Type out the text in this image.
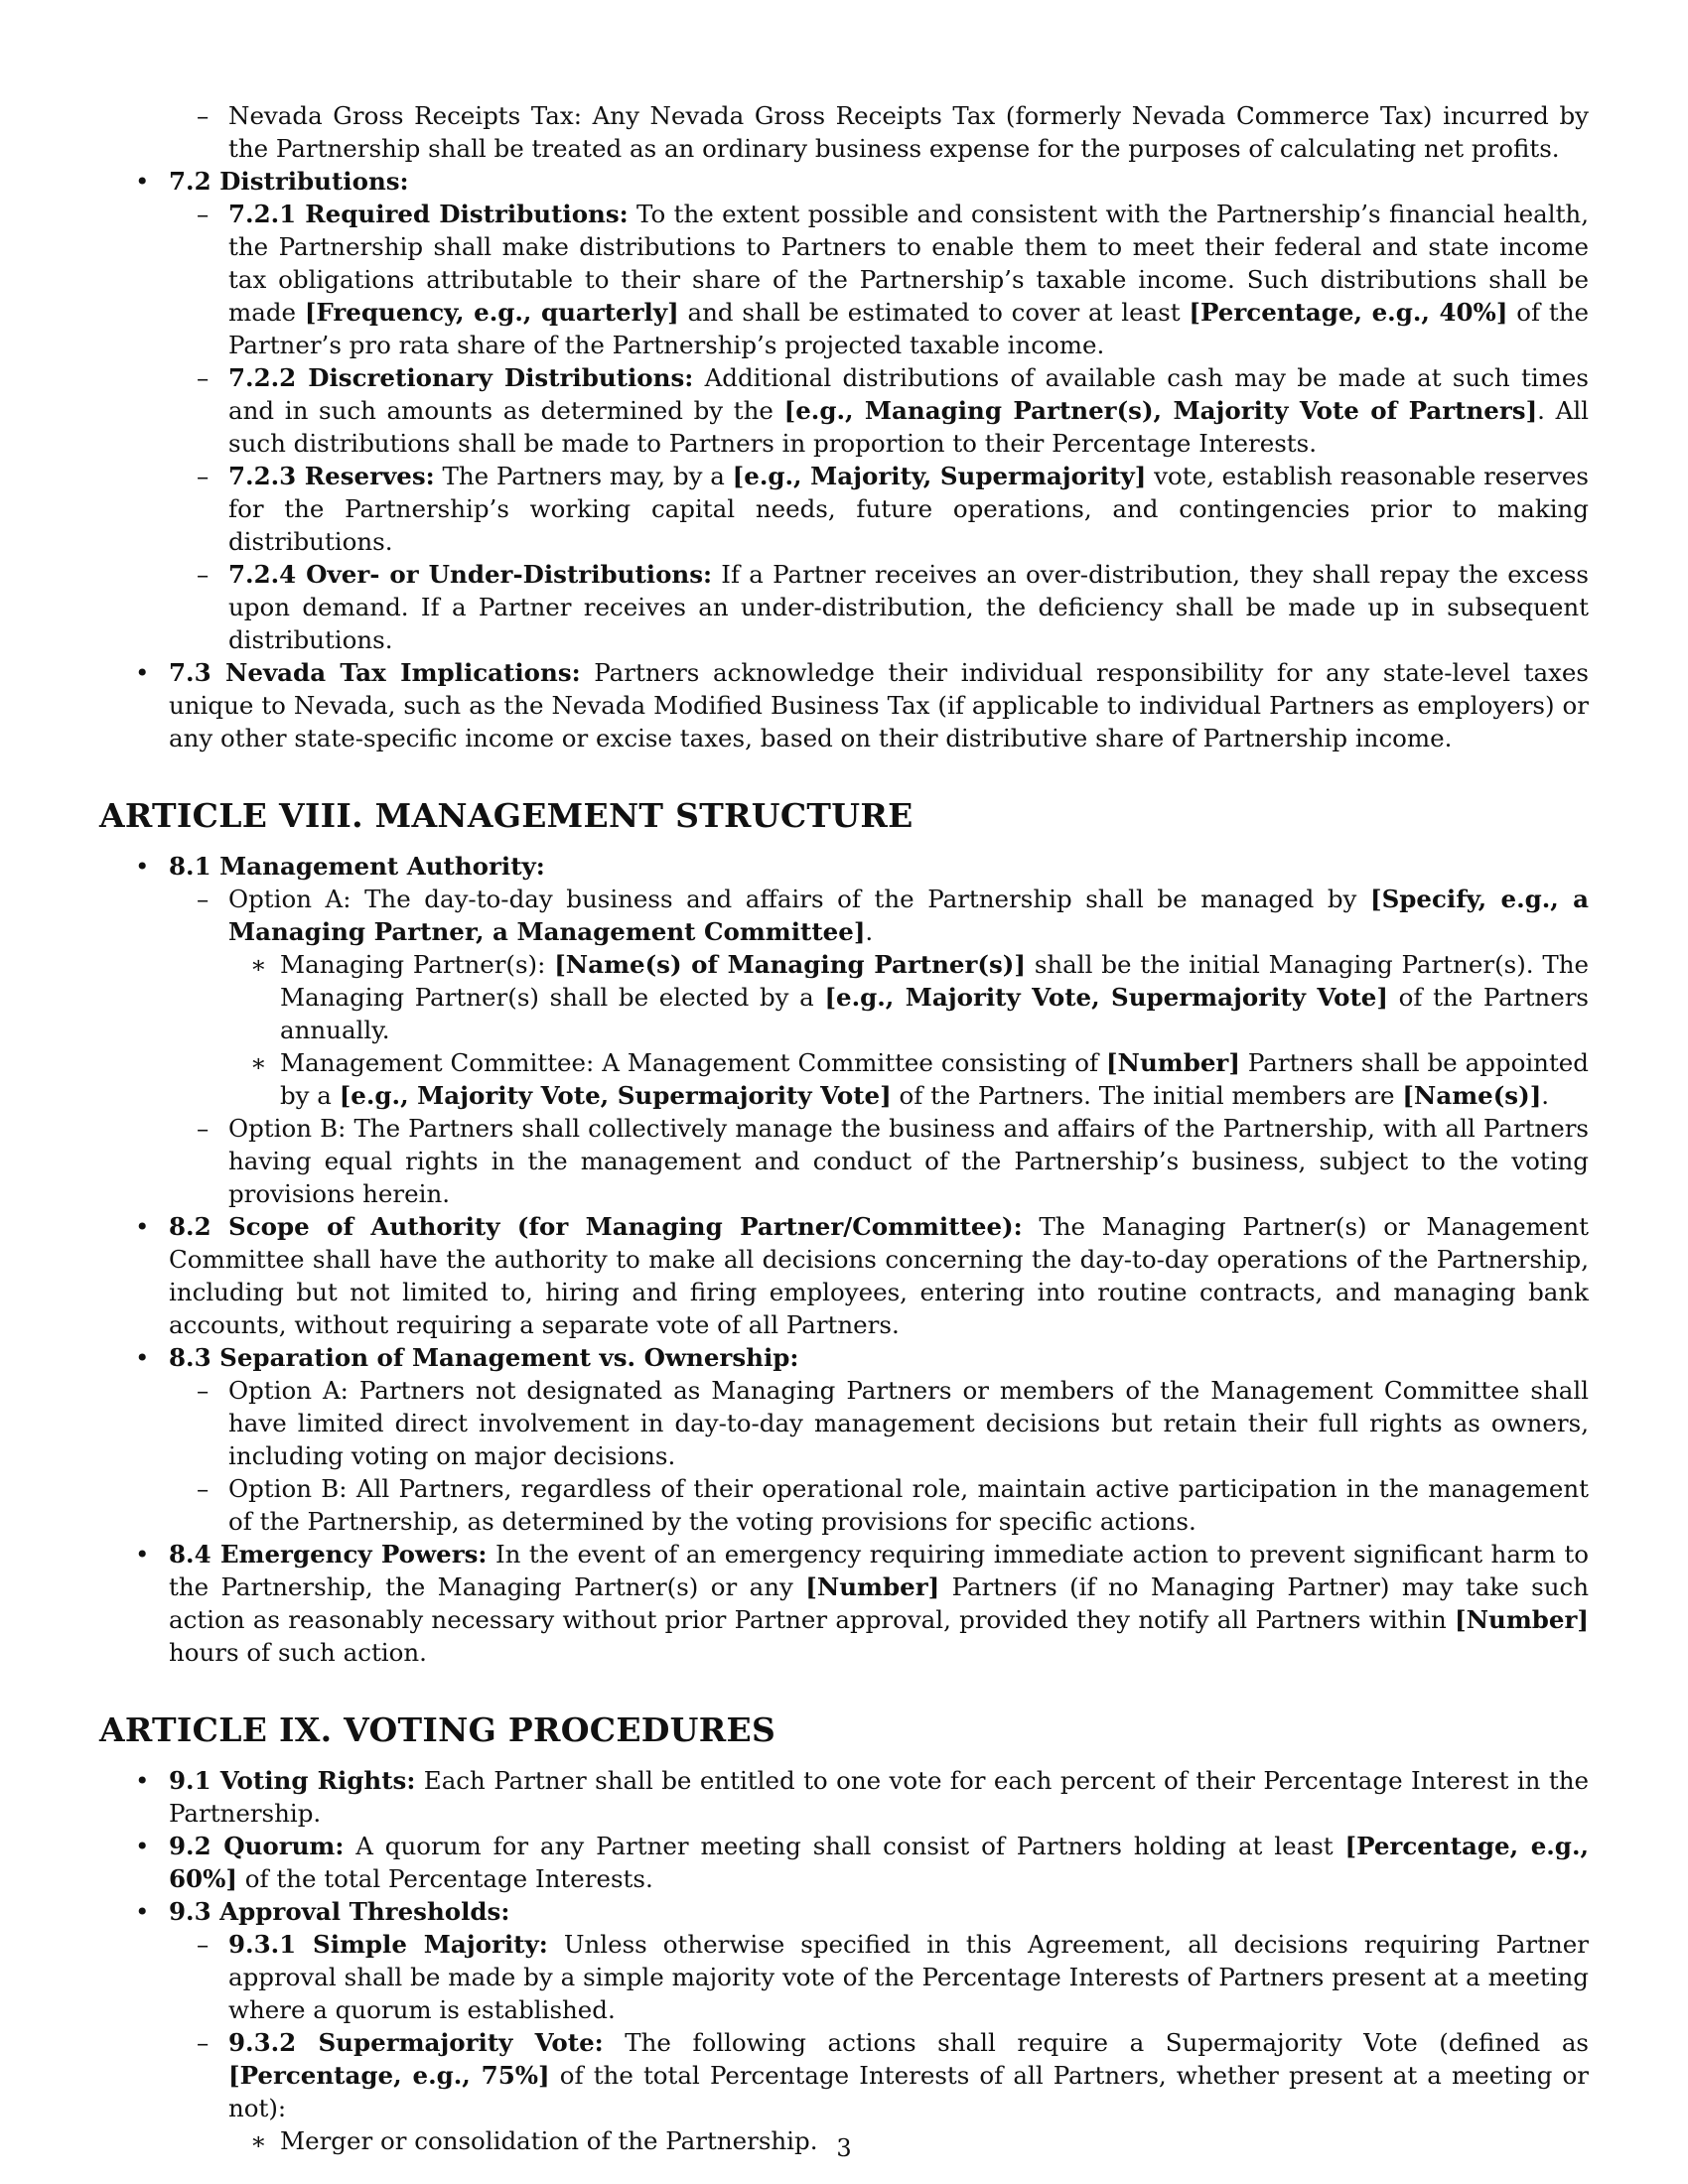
– Nevada Gross Receipts Tax: Any Nevada Gross Receipts Tax (formerly Nevada Commerce Tax) incurred by the Partnership shall be treated as an ordinary business expense for the purposes of calculating net profits.
• 7.2 Distributions:
– 7.2.1 Required Distributions: To the extent possible and consistent with the Partnership’s financial health, the Partnership shall make distributions to Partners to enable them to meet their federal and state income tax obligations attributable to their share of the Partnership’s taxable income. Such distributions shall be made [Frequency, e.g., quarterly] and shall be estimated to cover at least [Percentage, e.g., 40%] of the Partner’s pro rata share of the Partnership’s projected taxable income.
– 7.2.2 Discretionary Distributions: Additional distributions of available cash may be made at such times and in such amounts as determined by the [e.g., Managing Partner(s), Majority Vote of Partners]. All such distributions shall be made to Partners in proportion to their Percentage Interests.
– 7.2.3 Reserves: The Partners may, by a [e.g., Majority, Supermajority] vote, establish reasonable reserves for the Partnership’s working capital needs, future operations, and contingencies prior to making distributions.
– 7.2.4 Over- or Under-Distributions: If a Partner receives an over-distribution, they shall repay the excess upon demand. If a Partner receives an under-distribution, the deficiency shall be made up in subsequent distributions.
• 7.3 Nevada Tax Implications: Partners acknowledge their individual responsibility for any state-level taxes unique to Nevada, such as the Nevada Modified Business Tax (if applicable to individual Partners as employers) or any other state-specific income or excise taxes, based on their distributive share of Partnership income.
ARTICLE VIII. MANAGEMENT STRUCTURE
• 8.1 Management Authority:
– Option A: The day-to-day business and affairs of the Partnership shall be managed by [Specify, e.g., a Managing Partner, a Management Committee].
∗ Managing Partner(s): [Name(s) of Managing Partner(s)] shall be the initial Managing Partner(s). The Managing Partner(s) shall be elected by a [e.g., Majority Vote, Supermajority Vote] of the Partners annually.
∗ Management Committee: A Management Committee consisting of [Number] Partners shall be appointed by a [e.g., Majority Vote, Supermajority Vote] of the Partners. The initial members are [Name(s)].
– Option B: The Partners shall collectively manage the business and affairs of the Partnership, with all Partners having equal rights in the management and conduct of the Partnership’s business, subject to the voting provisions herein.
• 8.2 Scope of Authority (for Managing Partner/Committee): The Managing Partner(s) or Management Committee shall have the authority to make all decisions concerning the day-to-day operations of the Partnership, including but not limited to, hiring and firing employees, entering into routine contracts, and managing bank accounts, without requiring a separate vote of all Partners.
• 8.3 Separation of Management vs. Ownership:
– Option A: Partners not designated as Managing Partners or members of the Management Committee shall have limited direct involvement in day-to-day management decisions but retain their full rights as owners, including voting on major decisions.
– Option B: All Partners, regardless of their operational role, maintain active participation in the management of the Partnership, as determined by the voting provisions for specific actions.
• 8.4 Emergency Powers: In the event of an emergency requiring immediate action to prevent significant harm to the Partnership, the Managing Partner(s) or any [Number] Partners (if no Managing Partner) may take such action as reasonably necessary without prior Partner approval, provided they notify all Partners within [Number] hours of such action.
ARTICLE IX. VOTING PROCEDURES
• 9.1 Voting Rights: Each Partner shall be entitled to one vote for each percent of their Percentage Interest in the Partnership.
• 9.2 Quorum: A quorum for any Partner meeting shall consist of Partners holding at least [Percentage, e.g., 60%] of the total Percentage Interests.
• 9.3 Approval Thresholds:
– 9.3.1 Simple Majority: Unless otherwise specified in this Agreement, all decisions requiring Partner approval shall be made by a simple majority vote of the Percentage Interests of Partners present at a meeting where a quorum is established.
– 9.3.2 Supermajority Vote: The following actions shall require a Supermajority Vote (defined as [Percentage, e.g., 75%] of the total Percentage Interests of all Partners, whether present at a meeting or not):
∗ Merger or consolidation of the Partnership. 3
